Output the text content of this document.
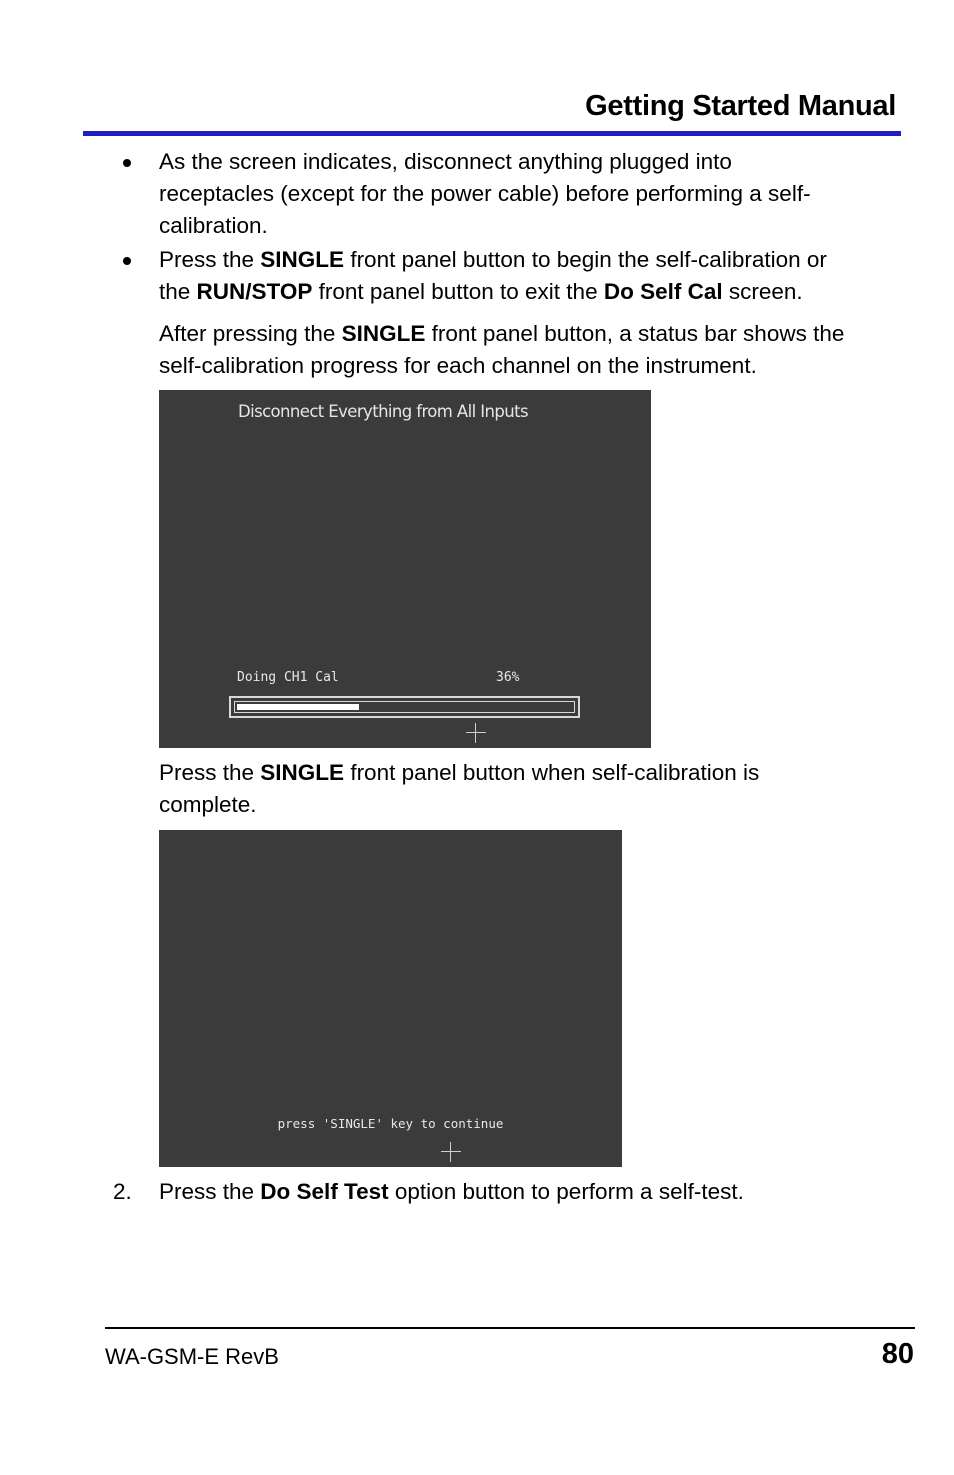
Getting Started Manual
As the screen indicates, disconnect anything plugged into
receptacles (except for the power cable) before performing a self-
calibration.
Press the SINGLE front panel button to begin the self-calibration or
the RUN/STOP front panel button to exit the Do Self Cal screen.
After pressing the SINGLE front panel button, a status bar shows the
self-calibration progress for each channel on the instrument.
Disconnect Everything from All Inputs
Doing CH1 Cal	36%
Press the SINGLE front panel button when self-calibration is
complete.
press 'SINGLE' key to continue
2. Press the Do Self Test option button to perform a self-test.
WA-GSM-E RevB	80
